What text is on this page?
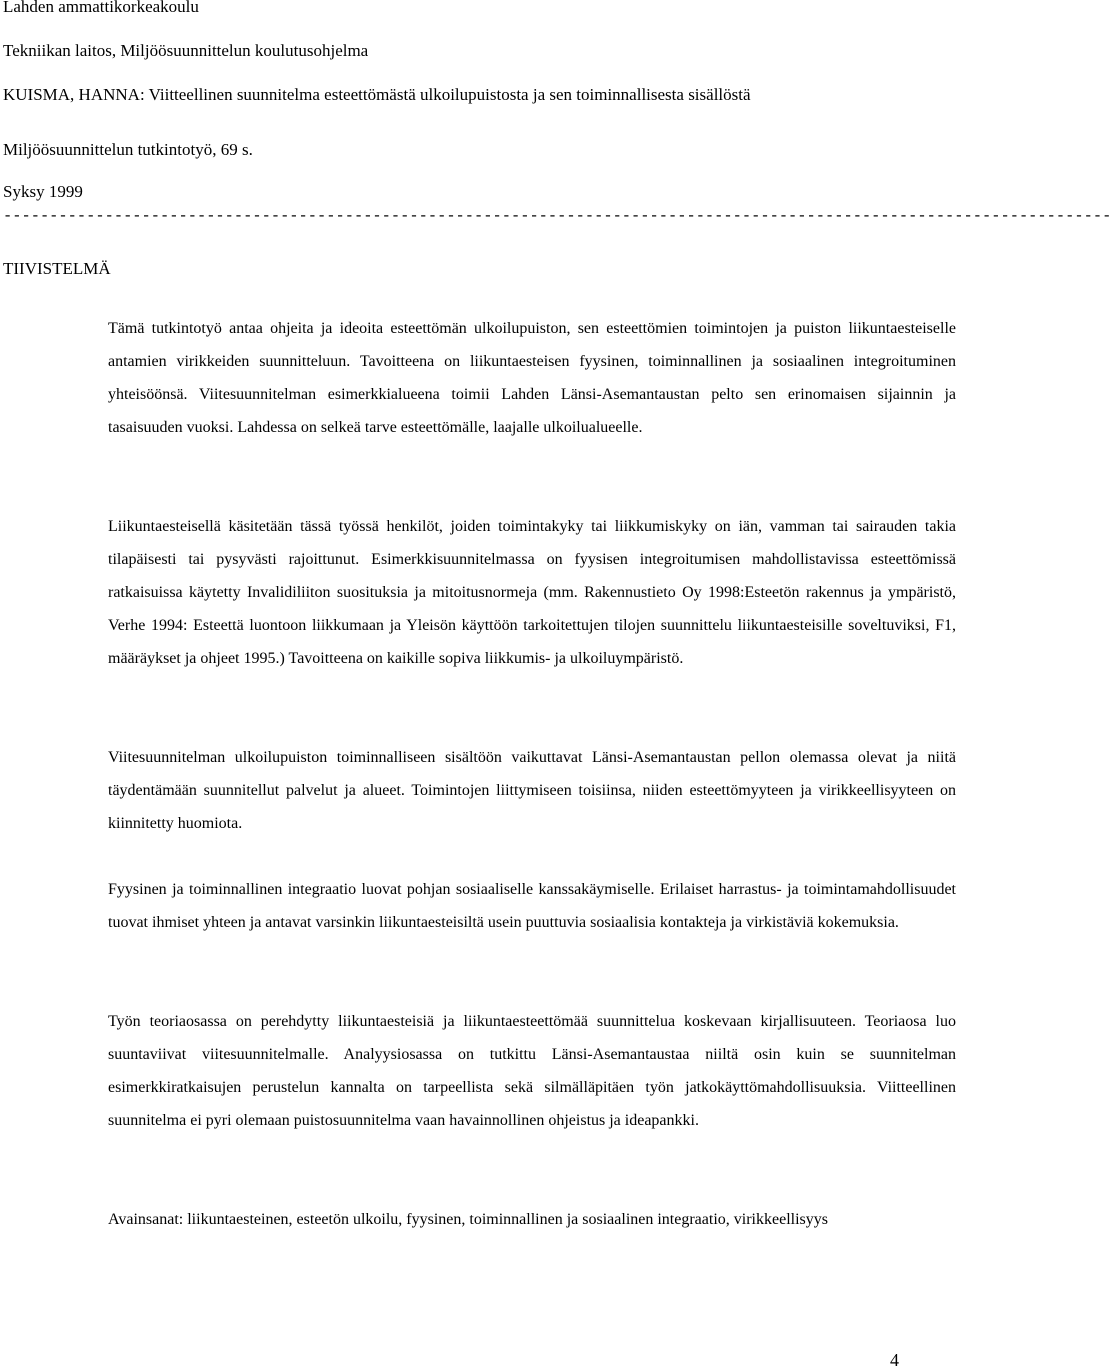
Lahden ammattikorkeakoulu
Tekniikan laitos, Miljöösuunnittelun koulutusohjelma
KUISMA, HANNA: Viitteellinen suunnitelma esteettömästä ulkoilupuistosta ja sen toiminnallisesta sisällöstä
Miljöösuunnittelun tutkintotyö, 69 s.
Syksy 1999
------------------------------------------------------------------------------------------------------------------------
TIIVISTELMÄ

Tämä tutkintotyö antaa ohjeita ja ideoita esteettömän ulkoilupuiston, sen esteettömien toimintojen ja puiston liikuntaesteiselle antamien virikkeiden suunnitteluun. Tavoitteena on liikuntaesteisen fyysinen, toiminnallinen ja sosiaalinen integroituminen yhteisöönsä. Viitesuunnitelman esimerkkialueena toimii Lahden Länsi-Asemantaustan pelto sen erinomaisen sijainnin ja tasaisuuden vuoksi. Lahdessa on selkeä tarve esteettömälle, laajalle ulkoilualueelle.

Liikuntaesteisellä käsitetään tässä työssä henkilöt, joiden toimintakyky tai liikkumiskyky on iän, vamman tai sairauden takia tilapäisesti tai pysyvästi rajoittunut. Esimerkkisuunnitelmassa on fyysisen integroitumisen mahdollistavissa esteettömissä ratkaisuissa käytetty Invalidiliiton suosituksia ja mitoitusnormeja (mm. Rakennustieto Oy 1998:Esteetön rakennus ja ympäristö, Verhe 1994: Esteettä luontoon liikkumaan ja Yleisön käyttöön tarkoitettujen tilojen suunnittelu liikuntaesteisille soveltuviksi, F1, määräykset ja ohjeet 1995.) Tavoitteena on kaikille sopiva liikkumis- ja ulkoiluympäristö.

Viitesuunnitelman ulkoilupuiston toiminnalliseen sisältöön vaikuttavat Länsi-Asemantaustan pellon olemassa olevat ja niitä täydentämään suunnitellut palvelut ja alueet. Toimintojen liittymiseen toisiinsa, niiden esteettömyyteen ja virikkeellisyyteen on kiinnitetty huomiota.

Fyysinen ja toiminnallinen integraatio luovat pohjan sosiaaliselle kanssakäymiselle. Erilaiset harrastus- ja toimintamahdollisuudet tuovat ihmiset yhteen ja antavat varsinkin liikuntaesteisiltä usein puuttuvia sosiaalisia kontakteja ja virkistäviä kokemuksia.

Työn teoriaosassa on perehdytty liikuntaesteisiä ja liikuntaesteettömää suunnittelua koskevaan kirjallisuuteen. Teoriaosa luo suuntaviivat viitesuunnitelmalle. Analyysiosassa on tutkittu Länsi-Asemantaustaa niiltä osin kuin se suunnitelman esimerkkiratkaisujen perustelun kannalta on tarpeellista sekä silmälläpitäen työn jatkokäyttömahdollisuuksia. Viitteellinen suunnitelma ei pyri olemaan puistosuunnitelma vaan havainnollinen ohjeistus ja ideapankki.

Avainsanat: liikuntaesteinen, esteetön ulkoilu, fyysinen, toiminnallinen ja sosiaalinen integraatio, virikkeellisyys

4
